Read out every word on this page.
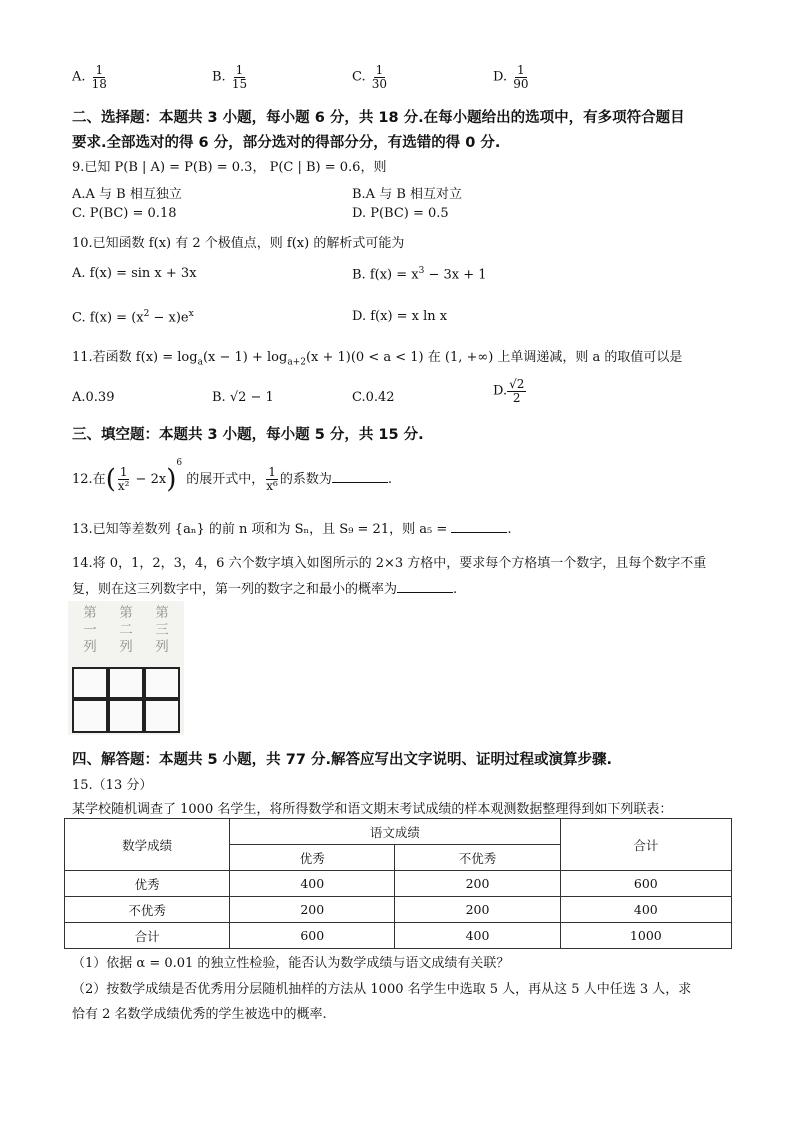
A. $\frac{1}{18}$	B. $\frac{1}{15}$	C. $\frac{1}{30}$	D. $\frac{1}{90}$
二、选择题：本题共 3 小题，每小题 6 分，共 18 分.在每小题给出的选项中，有多项符合题目
要求.全部选对的得 6 分，部分选对的得部分分，有选错的得 0 分.
9.已知 P(B | A) = P(B) = 0.3， P(C | B) = 0.6，则
A.A 与 B 相互独立	B.A 与 B 相互对立
C. P(BC) = 0.18	D. P(BC) = 0.5
10.已知函数 f(x) 有 2 个极值点，则 f(x) 的解析式可能为
A. f(x) = sin x + 3x	B. $f(x) = x^3 - 3x + 1$
C. $f(x) = (x^2 - x)e^x$	D. f(x) = x ln x
11.若函数 $f(x) = \log_a(x - 1) + \log_{a+2}(x + 1)(0 < a < 1)$ 在 (1, +∞) 上单调递减，则 a 的取值可以是
A.0.39	B. √2 − 1	C.0.42	D. $\frac{√2}{2}$
三、填空题：本题共 3 小题，每小题 5 分，共 15 分.
12.在( $\frac{1}{\text{x²}} - 2x)^6$ 的展开式中， $\frac{1}{\text{x⁶}}$ 的系数为	.
13.已知等差数列 {aₙ} 的前 n 项和为 Sₙ，且 S₉ = 21，则 a₅ =	.
14.将 0，1，2，3，4，6 六个数字填入如图所示的 2×3 方格中，要求每个方格填一个数字，且每个数字不重
复，则在这三列数字中，第一列的数字之和最小的概率为	.
第
一
列
第
二
列
第
三
列
四、解答题：本题共 5 小题，共 77 分.解答应写出文字说明、证明过程或演算步骤.
15.（13 分）
某学校随机调查了 1000 名学生，将所得数学和语文期末考试成绩的样本观测数据整理得到如下列联表：
数学成绩	语文成绩		合计
	优秀	不优秀	
优秀	400	200	600
不优秀	200	200	400
合计	600	400	1000
（1）依据 α = 0.01 的独立性检验，能否认为数学成绩与语文成绩有关联？
（2）按数学成绩是否优秀用分层随机抽样的方法从 1000 名学生中选取 5 人，再从这 5 人中任选 3 人，求
恰有 2 名数学成绩优秀的学生被选中的概率.
